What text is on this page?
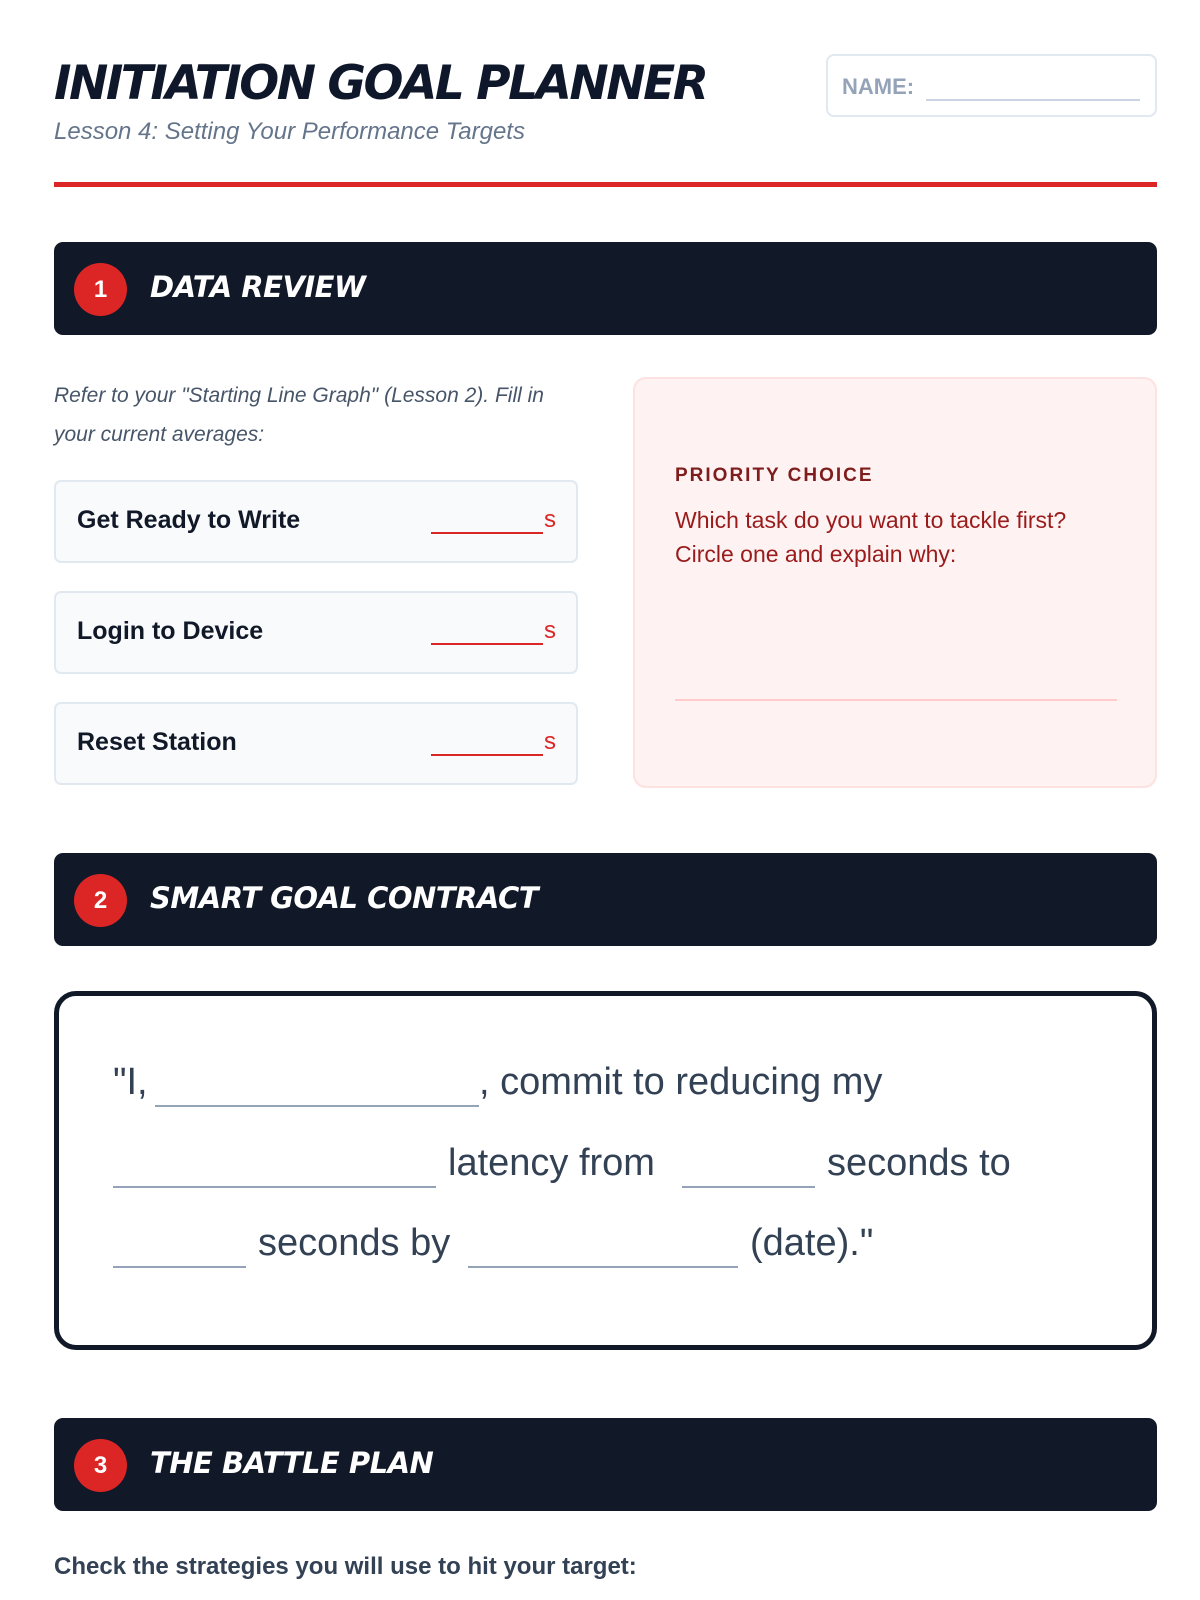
INITIATION GOAL PLANNER
Lesson 4: Setting Your Performance Targets
NAME:
1	DATA REVIEW
Refer to your "Starting Line Graph" (Lesson 2). Fill in your current averages:
Get Ready to Write	s
Login to Device	s
Reset Station	s
PRIORITY CHOICE
Which task do you want to tackle first? Circle one and explain why:
2	SMART GOAL CONTRACT
"I,	, commit to reducing my
latency from	seconds to
seconds by	(date)."
3	THE BATTLE PLAN
Check the strategies you will use to hit your target:
